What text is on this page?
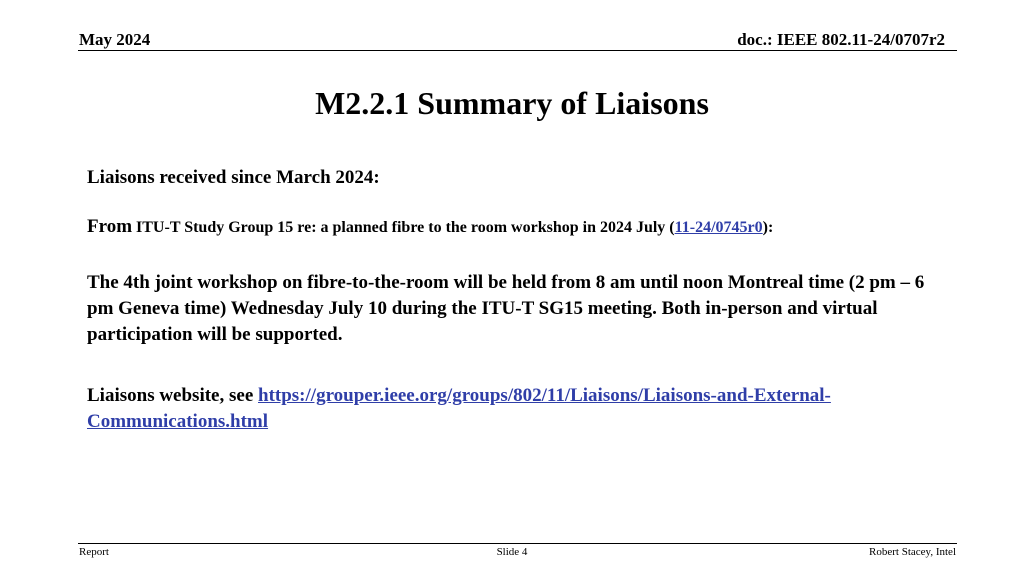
May 2024	doc.: IEEE 802.11-24/0707r2
M2.2.1 Summary of Liaisons
Liaisons received since March 2024:
From ITU-T Study Group 15 re: a planned fibre to the room workshop in 2024 July (11-24/0745r0):
The 4th joint workshop on fibre-to-the-room will be held from 8 am until noon Montreal time (2 pm – 6 pm Geneva time) Wednesday July 10 during the ITU-T SG15 meeting. Both in-person and virtual participation will be supported.
Liaisons website, see https://grouper.ieee.org/groups/802/11/Liaisons/Liaisons-and-External-Communications.html
Report	Slide 4	Robert Stacey, Intel
